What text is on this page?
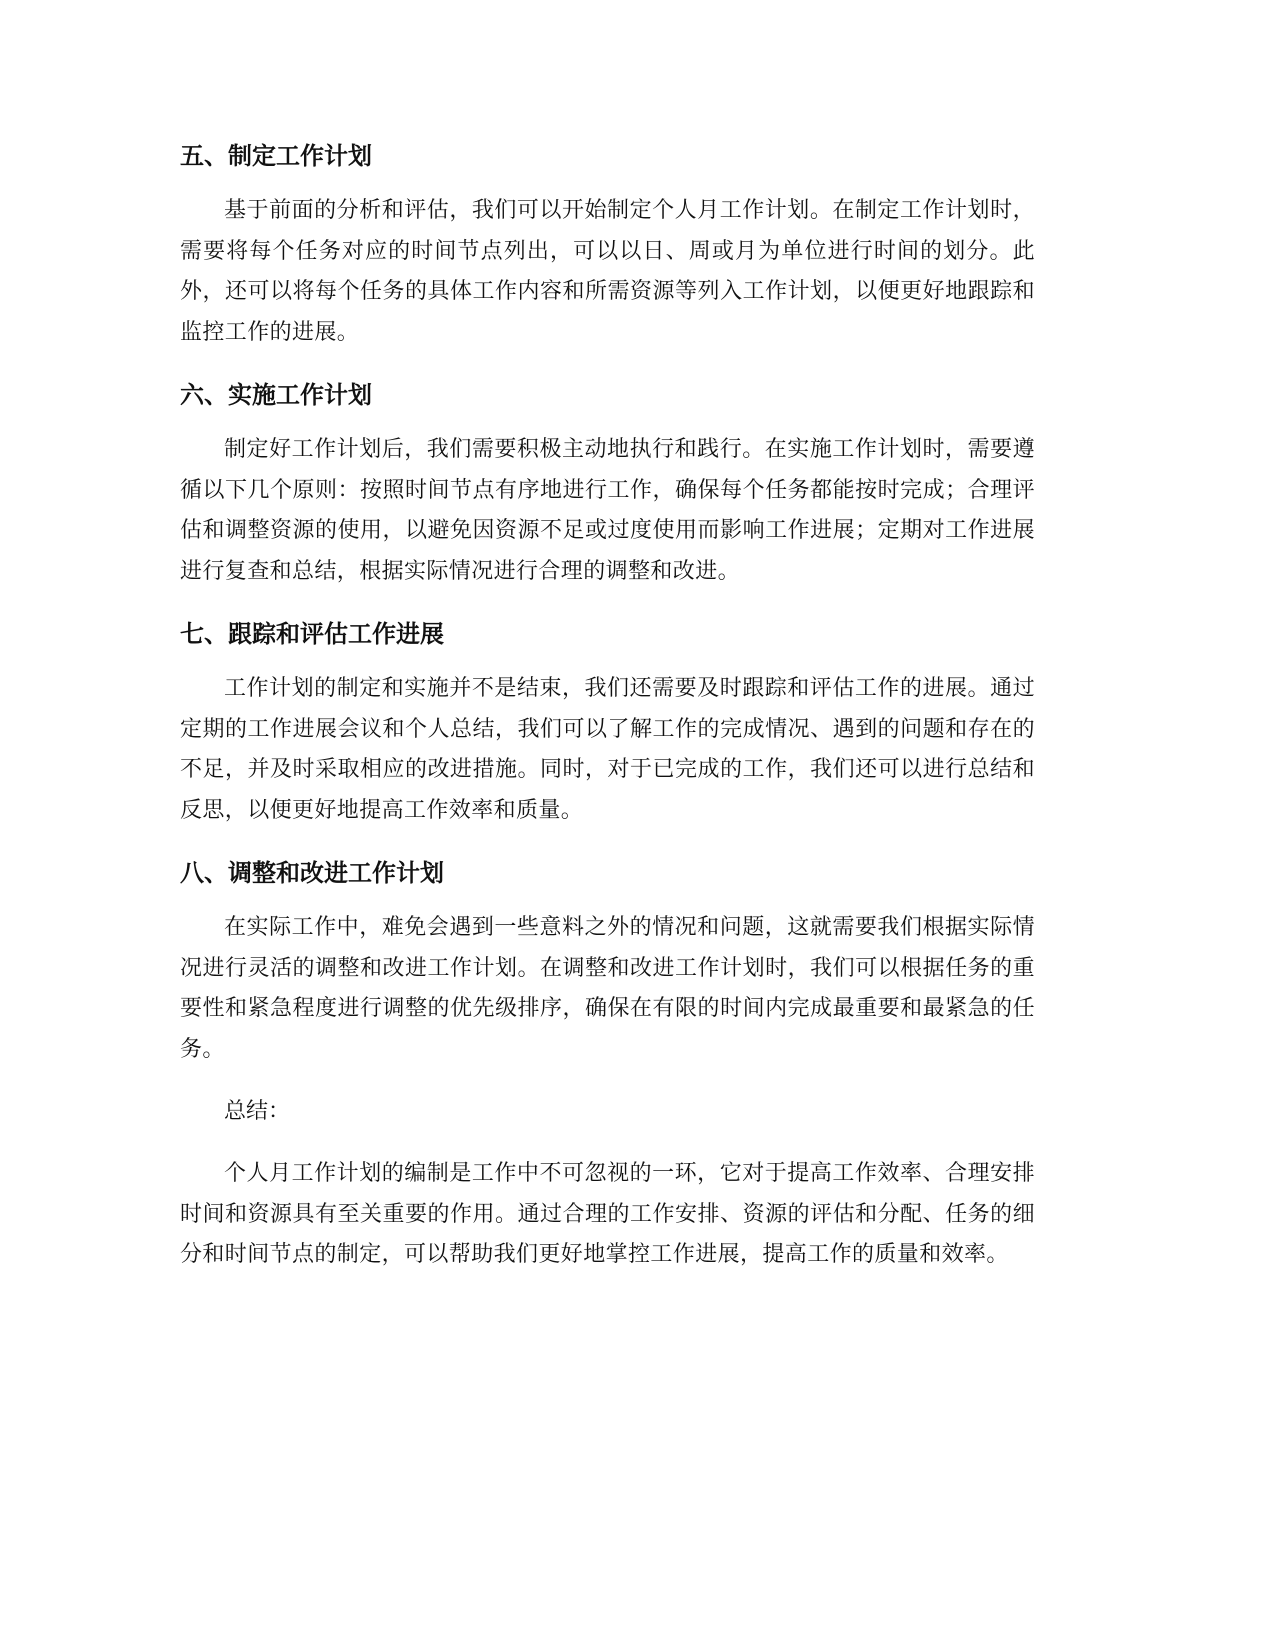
五、制定工作计划

基于前面的分析和评估，我们可以开始制定个人月工作计划。在制定工作计划时，需要将每个任务对应的时间节点列出，可以以日、周或月为单位进行时间的划分。此外，还可以将每个任务的具体工作内容和所需资源等列入工作计划，以便更好地跟踪和监控工作的进展。

六、实施工作计划

制定好工作计划后，我们需要积极主动地执行和践行。在实施工作计划时，需要遵循以下几个原则：按照时间节点有序地进行工作，确保每个任务都能按时完成；合理评估和调整资源的使用，以避免因资源不足或过度使用而影响工作进展；定期对工作进展进行复查和总结，根据实际情况进行合理的调整和改进。

七、跟踪和评估工作进展

工作计划的制定和实施并不是结束，我们还需要及时跟踪和评估工作的进展。通过定期的工作进展会议和个人总结，我们可以了解工作的完成情况、遇到的问题和存在的不足，并及时采取相应的改进措施。同时，对于已完成的工作，我们还可以进行总结和反思，以便更好地提高工作效率和质量。

八、调整和改进工作计划

在实际工作中，难免会遇到一些意料之外的情况和问题，这就需要我们根据实际情况进行灵活的调整和改进工作计划。在调整和改进工作计划时，我们可以根据任务的重要性和紧急程度进行调整的优先级排序，确保在有限的时间内完成最重要和最紧急的任务。

总结：

个人月工作计划的编制是工作中不可忽视的一环，它对于提高工作效率、合理安排时间和资源具有至关重要的作用。通过合理的工作安排、资源的评估和分配、任务的细分和时间节点的制定，可以帮助我们更好地掌控工作进展，提高工作的质量和效率。
